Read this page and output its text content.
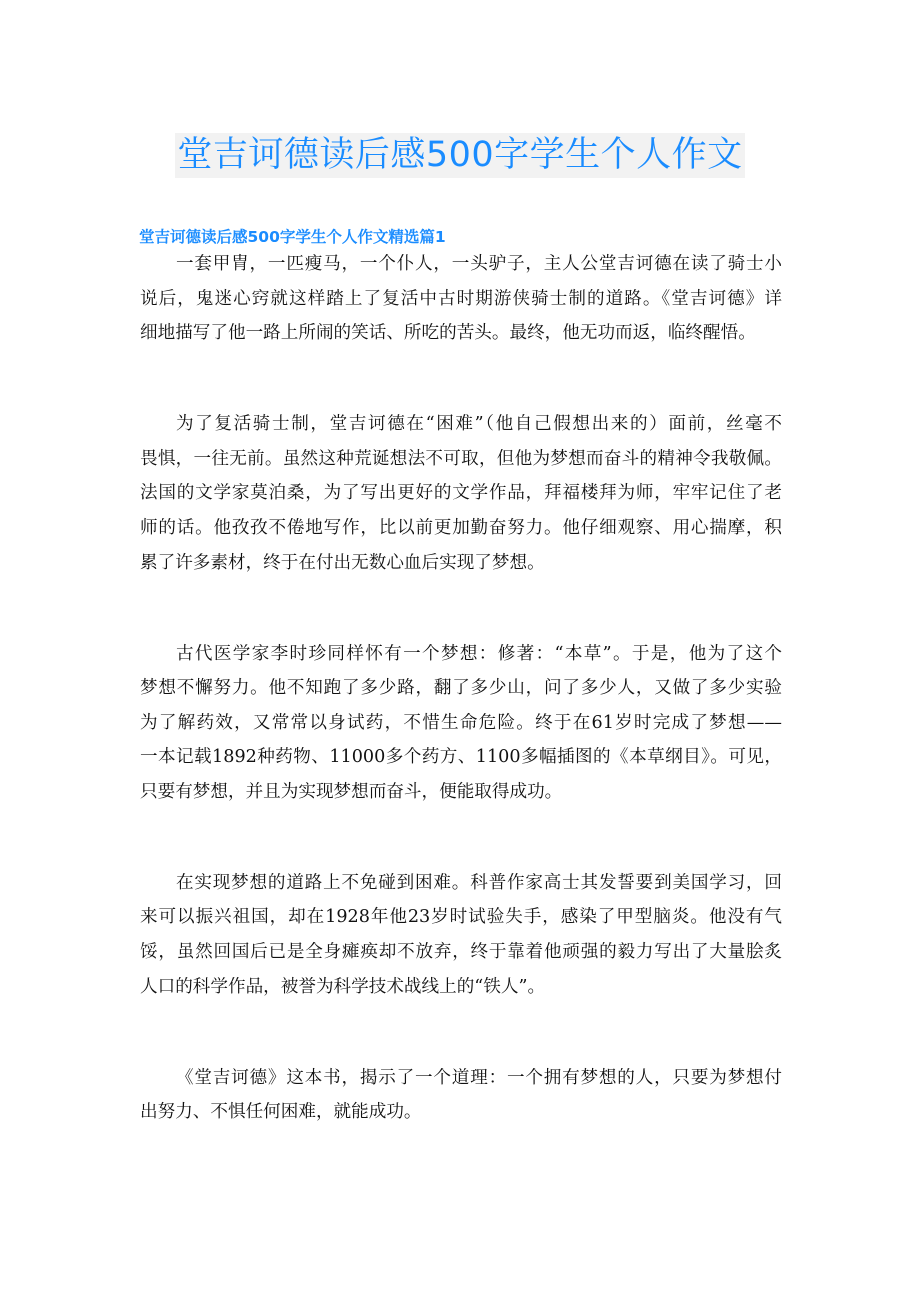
堂吉诃德读后感500字学生个人作文
堂吉诃德读后感500字学生个人作文精选篇1
一套甲胄，一匹瘦马，一个仆人，一头驴子，主人公堂吉诃德在读了骑士小
说后，鬼迷心窍就这样踏上了复活中古时期游侠骑士制的道路。《堂吉诃德》详
细地描写了他一路上所闹的笑话、所吃的苦头。最终，他无功而返，临终醒悟。
为了复活骑士制，堂吉诃德在“困难”（他自己假想出来的）面前，丝毫不
畏惧，一往无前。虽然这种荒诞想法不可取，但他为梦想而奋斗的精神令我敬佩。
法国的文学家莫泊桑，为了写出更好的文学作品，拜福楼拜为师，牢牢记住了老
师的话。他孜孜不倦地写作，比以前更加勤奋努力。他仔细观察、用心揣摩，积
累了许多素材，终于在付出无数心血后实现了梦想。
古代医学家李时珍同样怀有一个梦想：修著：“本草”。于是，他为了这个
梦想不懈努力。他不知跑了多少路，翻了多少山，问了多少人，又做了多少实验
为了解药效，又常常以身试药，不惜生命危险。终于在61岁时完成了梦想——
一本记载1892种药物、11000多个药方、1100多幅插图的《本草纲目》。可见，
只要有梦想，并且为实现梦想而奋斗，便能取得成功。
在实现梦想的道路上不免碰到困难。科普作家高士其发誓要到美国学习，回
来可以振兴祖国，却在1928年他23岁时试验失手，感染了甲型脑炎。他没有气
馁，虽然回国后已是全身瘫痪却不放弃，终于靠着他顽强的毅力写出了大量脍炙
人口的科学作品，被誉为科学技术战线上的“铁人”。
《堂吉诃德》这本书，揭示了一个道理：一个拥有梦想的人，只要为梦想付
出努力、不惧任何困难，就能成功。
